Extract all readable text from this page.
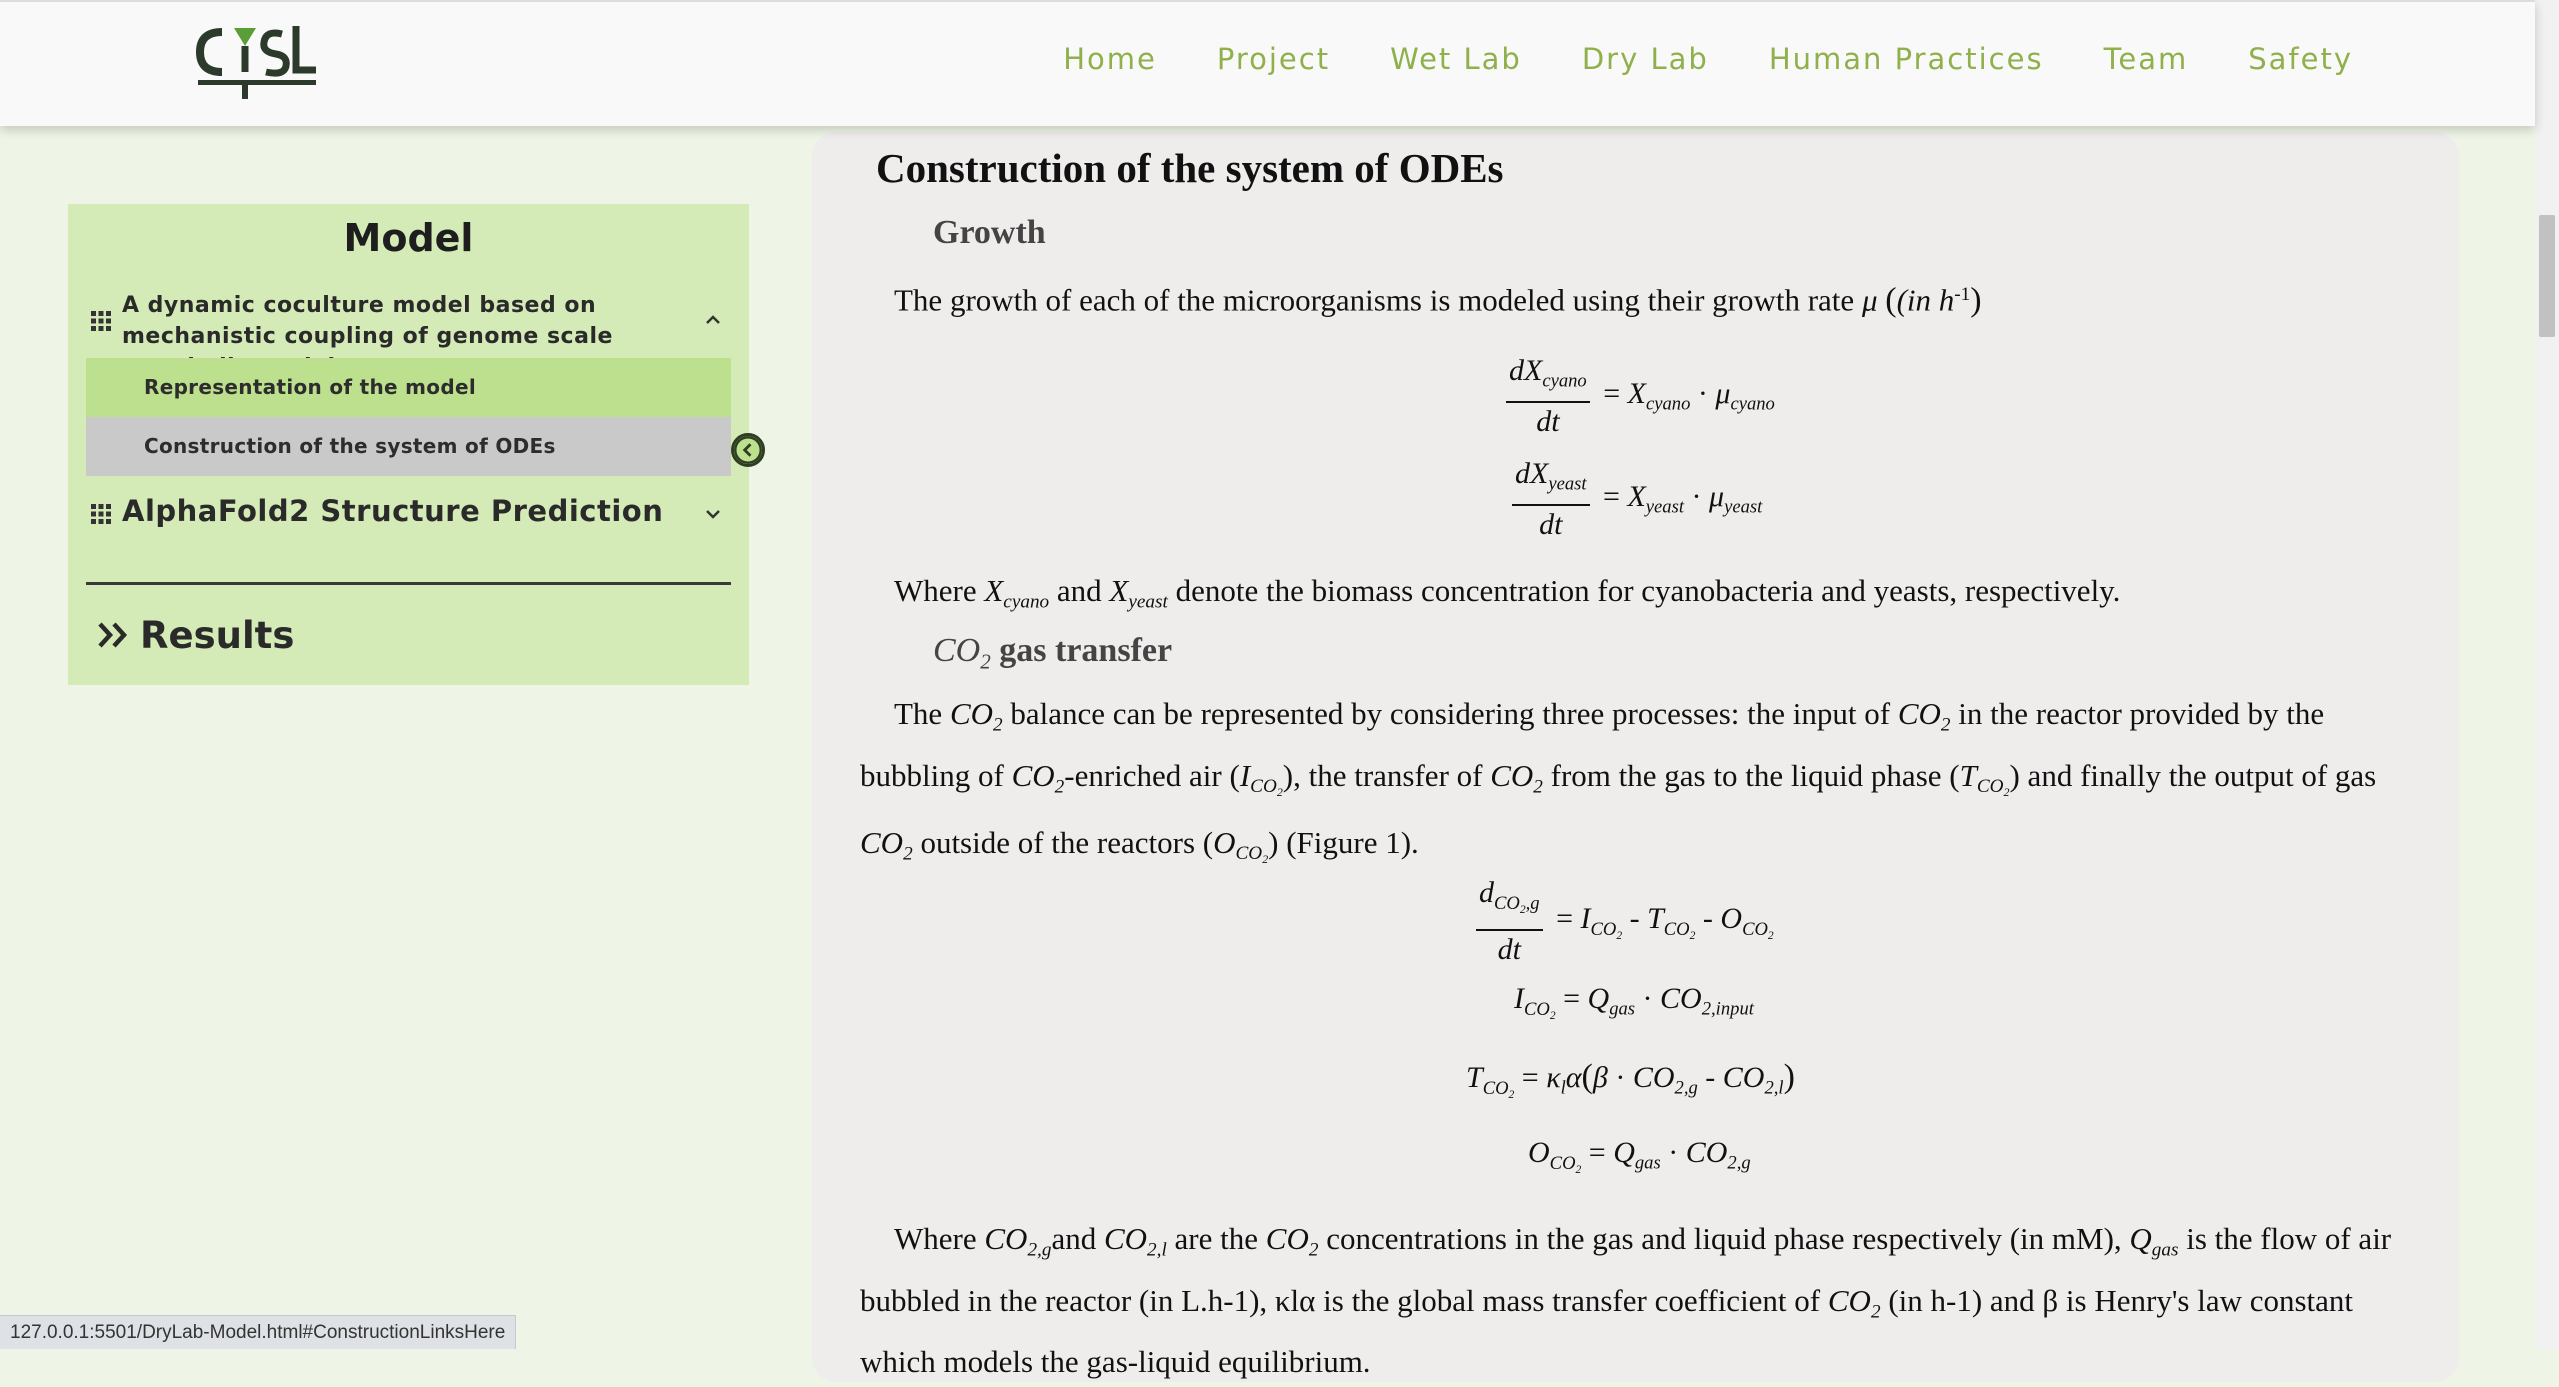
Home Project Wet Lab Dry Lab Human Practices Team Safety
Model
A dynamic coculture model based on mechanistic coupling of genome scale
Representation of the model
Construction of the system of ODEs
AlphaFold2 Structure Prediction
Results
Construction of the system of ODEs
Growth
The growth of each of the microorganisms is modeled using their growth rate μ ((in $h^{-1}$)
$\frac{dX_{cyano}}{dt} = X_{cyano} \cdot \mu_{cyano}$
$\frac{dX_{yeast}}{dt} = X_{yeast} \cdot \mu_{yeast}$
Where $X_{cyano}$ and $X_{yeast}$ denote the biomass concentration for cyanobacteria and yeasts, respectively.
$CO_2$ gas transfer
The $CO_2$ balance can be represented by considering three processes: the input of $CO_2$ in the reactor provided by the bubbling of $CO_2$-enriched air $(I_{CO_2})$, the transfer of $CO_2$ from the gas to the liquid phase $(T_{CO_2})$ and finally the output of gas $CO_2$ outside of the reactors $(O_{CO_2})$ (Figure 1).
$\frac{d_{CO_2,g}}{dt} = I_{CO_2} - T_{CO_2} - O_{CO_2}$
$I_{CO_2} = Q_{gas} \cdot CO_{2,input}$
$T_{CO_2} = \kappa_l\alpha(\beta \cdot CO_{2,g} - CO_{2,l})$
$O_{CO_2} = Q_{gas} \cdot CO_{2,g}$
Where $CO_{2,g}and$ $CO_{2,l}$ are the $CO_2$ concentrations in the gas and liquid phase respectively (in mM), $Q_{gas}$ is the flow of air bubbled in the reactor (in L.h-1), κlα is the global mass transfer coefficient of $CO_2$ (in h-1) and β is Henry's law constant which models the gas-liquid equilibrium.
127.0.0.1:5501/DryLab-Model.html#ConstructionLinksHere
